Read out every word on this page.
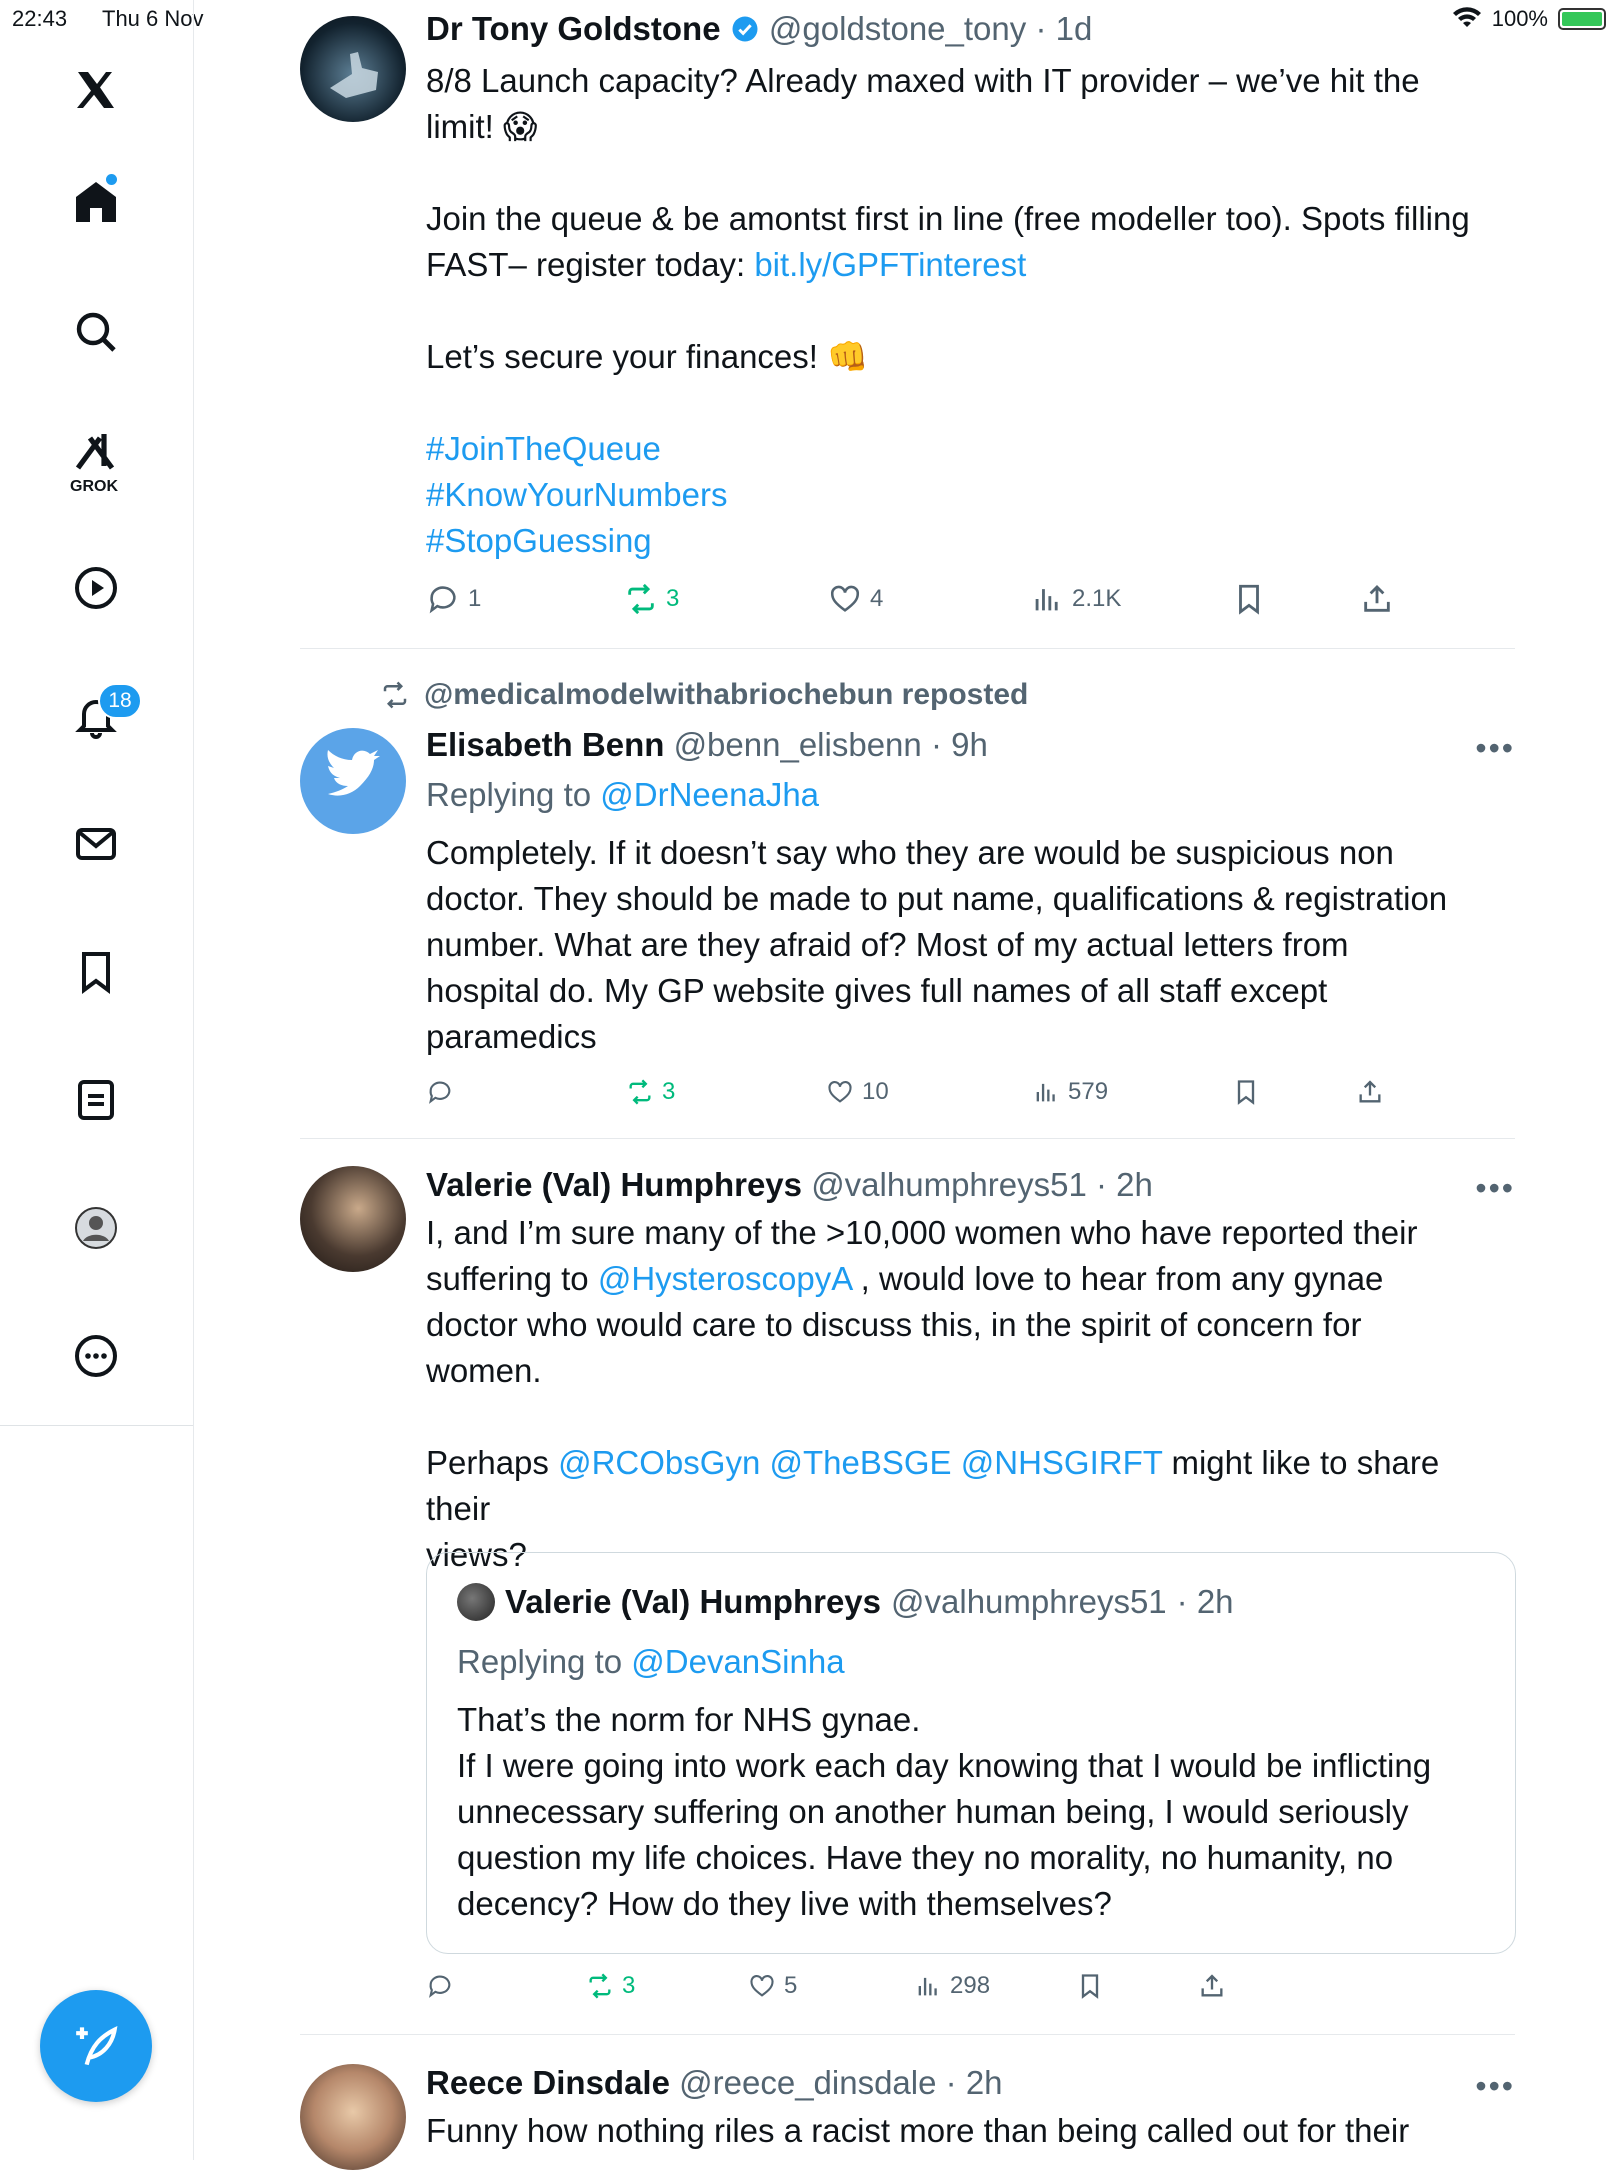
22:43 Thu 6 Nov	100%
GROK
18
Dr Tony Goldstone @goldstone_tony · 1d
8/8 Launch capacity? Already maxed with IT provider – we’ve hit the
limit! 😱
Join the queue & be amontst first in line (free modeller too). Spots filling
FAST– register today: bit.ly/GPFTinterest
Let’s secure your finances! 👊
#JoinTheQueue
#KnowYourNumbers
#StopGuessing
1	3	4	2.1K
@medicalmodelwithabriochebun reposted
Elisabeth Benn @benn_elisbenn · 9h	•••
Replying to @DrNeenaJha
Completely. If it doesn’t say who they are would be suspicious non
doctor. They should be made to put name, qualifications & registration
number. What are they afraid of? Most of my actual letters from
hospital do. My GP website gives full names of all staff except
paramedics
3	10	579
Valerie (Val) Humphreys @valhumphreys51 · 2h	•••
I, and I’m sure many of the >10,000 women who have reported their
suffering to @HysteroscopyA , would love to hear from any gynae
doctor who would care to discuss this, in the spirit of concern for
women.
Perhaps @RCObsGyn @TheBSGE @NHSGIRFT might like to share their
views?
Valerie (Val) Humphreys @valhumphreys51 · 2h
Replying to @DevanSinha
That’s the norm for NHS gynae.
If I were going into work each day knowing that I would be inflicting
unnecessary suffering on another human being, I would seriously
question my life choices. Have they no morality, no humanity, no
decency? How do they live with themselves?
3	5	298
Reece Dinsdale @reece_dinsdale · 2h	•••
Funny how nothing riles a racist more than being called out for their
